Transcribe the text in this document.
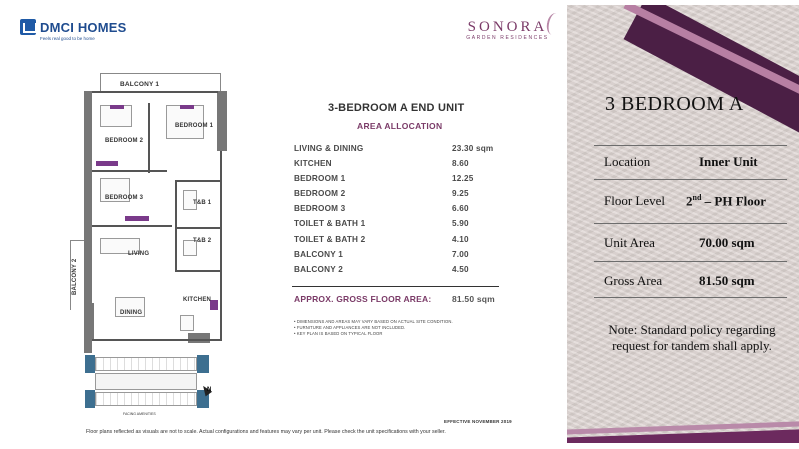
DMCI HOMES
Feels real good to be home
SONORA
GARDEN RESIDENCES
BALCONY 1
BEDROOM 1
BEDROOM 2
BEDROOM 3
T&B 1
T&B 2
LIVING
DINING
KITCHEN
BALCONY 2
FACING AMENITIES
N
3-BEDROOM A END UNIT
AREA ALLOCATION
LIVING & DINING	23.30 sqm
KITCHEN	8.60
BEDROOM 1	12.25
BEDROOM 2	9.25
BEDROOM 3	6.60
TOILET & BATH 1	5.90
TOILET & BATH 2	4.10
BALCONY 1	7.00
BALCONY 2	4.50
APPROX. GROSS FLOOR AREA: 81.50 sqm
• DIMENSIONS AND AREAS MAY VARY BASED ON ACTUAL SITE CONDITION.
• FURNITURE AND APPLIANCES ARE NOT INCLUDED.
• KEY PLAN IS BASED ON TYPICAL FLOOR
EFFECTIVE NOVEMBER 2019
Floor plans reflected as visuals are not to scale. Actual configurations and features may vary per unit. Please check the unit specifications with your seller.
3 BEDROOM A
Location	Inner Unit
Floor Level 2nd – PH Floor
Unit Area	70.00 sqm
Gross Area	81.50 sqm
Note: Standard policy regarding request for tandem shall apply.
